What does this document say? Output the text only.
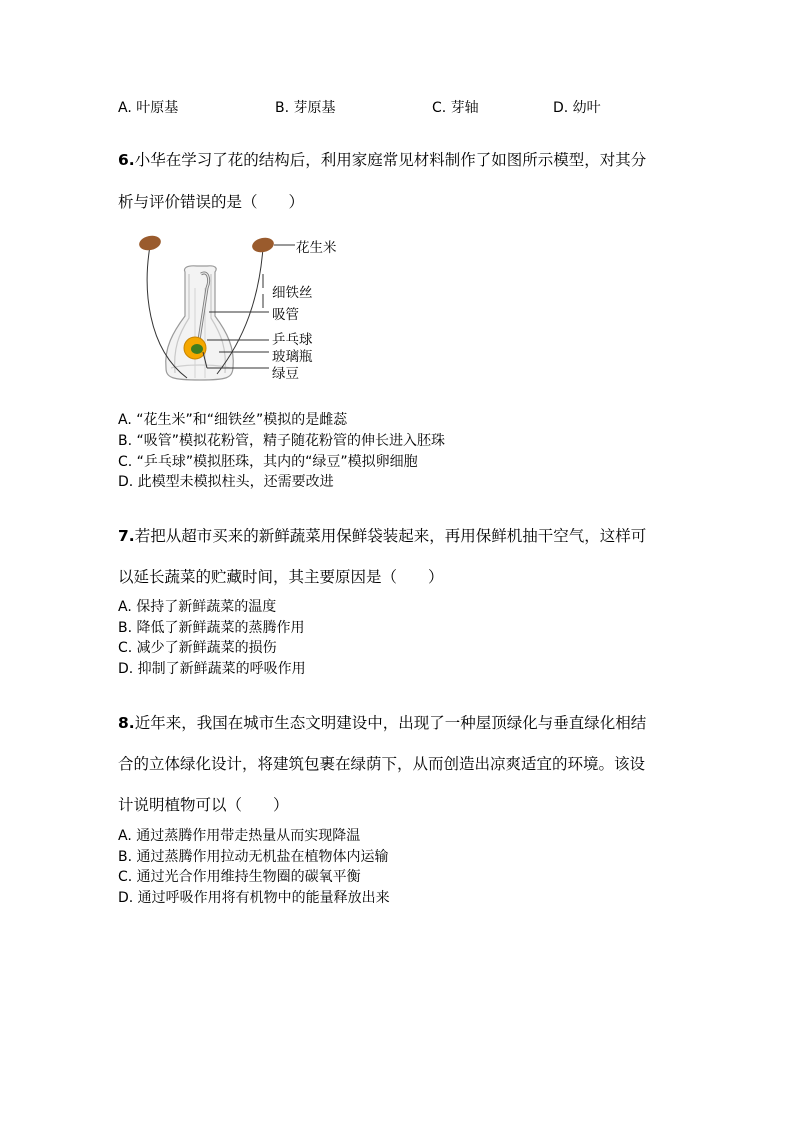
A. 叶原基	B. 芽原基	C. 芽轴	D. 幼叶
6.小华在学习了花的结构后，利用家庭常见材料制作了如图所示模型，对其分
析与评价错误的是（　　）
花生米
细铁丝
吸管
乒乓球
玻璃瓶
绿豆
A. “花生米”和“细铁丝”模拟的是雌蕊
B. “吸管”模拟花粉管，精子随花粉管的伸长进入胚珠
C. “乒乓球”模拟胚珠，其内的“绿豆”模拟卵细胞
D. 此模型未模拟柱头，还需要改进
7.若把从超市买来的新鲜蔬菜用保鲜袋装起来，再用保鲜机抽干空气，这样可
以延长蔬菜的贮藏时间，其主要原因是（　　）
A. 保持了新鲜蔬菜的温度
B. 降低了新鲜蔬菜的蒸腾作用
C. 减少了新鲜蔬菜的损伤
D. 抑制了新鲜蔬菜的呼吸作用
8.近年来，我国在城市生态文明建设中，出现了一种屋顶绿化与垂直绿化相结
合的立体绿化设计，将建筑包裹在绿荫下，从而创造出凉爽适宜的环境。该设
计说明植物可以（　　）
A. 通过蒸腾作用带走热量从而实现降温
B. 通过蒸腾作用拉动无机盐在植物体内运输
C. 通过光合作用维持生物圈的碳氧平衡
D. 通过呼吸作用将有机物中的能量释放出来
